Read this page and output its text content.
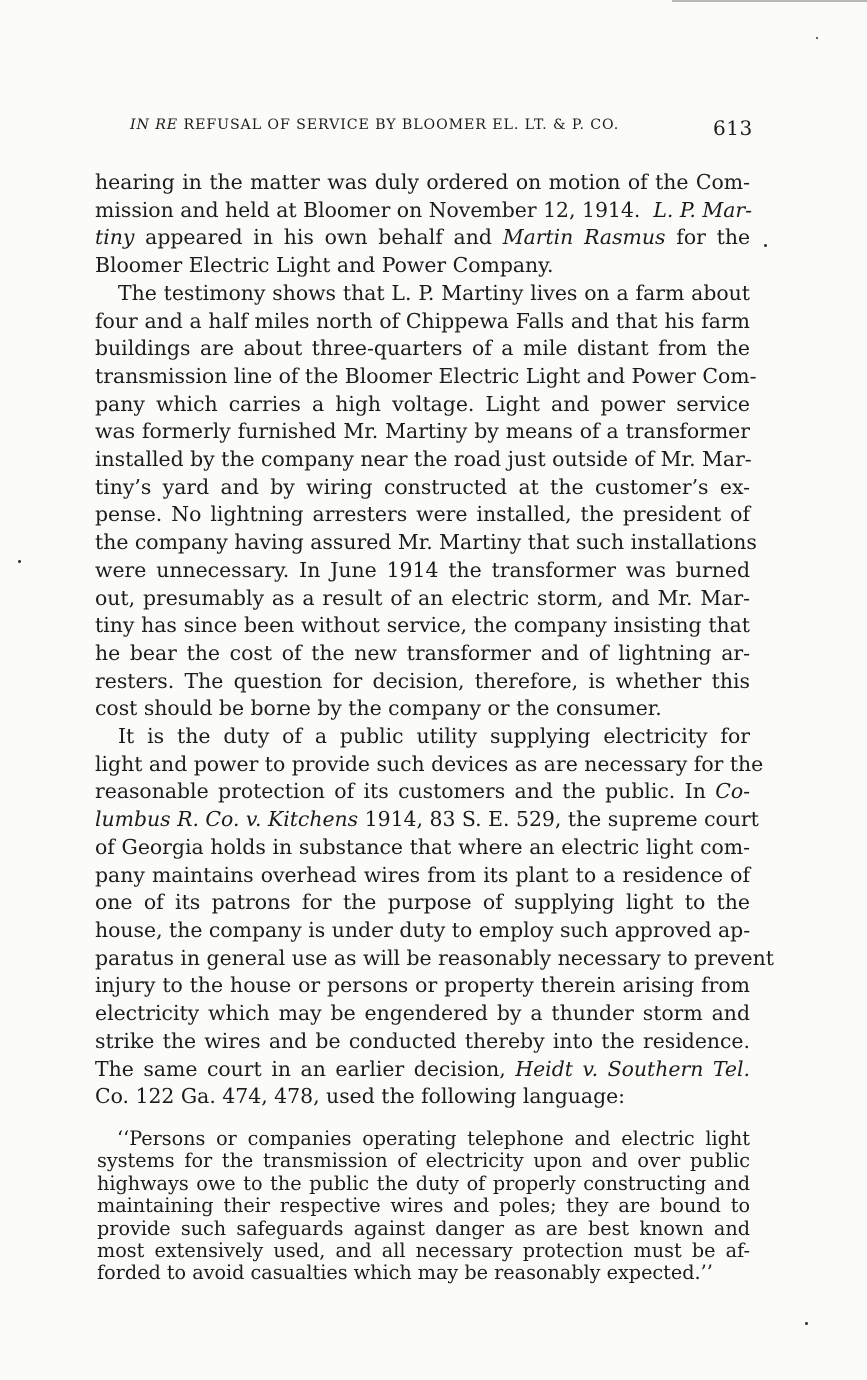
IN RE REFUSAL OF SERVICE BY BLOOMER EL. LT. & P. CO.	613

hearing in the matter was duly ordered on motion of the Com-
mission and held at Bloomer on November 12, 1914. L. P. Mar-
tiny appeared in his own behalf and Martin Rasmus for the
Bloomer Electric Light and Power Company.

The testimony shows that L. P. Martiny lives on a farm about
four and a half miles north of Chippewa Falls and that his farm
buildings are about three-quarters of a mile distant from the
transmission line of the Bloomer Electric Light and Power Com-
pany which carries a high voltage. Light and power service
was formerly furnished Mr. Martiny by means of a transformer
installed by the company near the road just outside of Mr. Mar-
tiny’s yard and by wiring constructed at the customer’s ex-
pense. No lightning arresters were installed, the president of
the company having assured Mr. Martiny that such installations
were unnecessary. In June 1914 the transformer was burned
out, presumably as a result of an electric storm, and Mr. Mar-
tiny has since been without service, the company insisting that
he bear the cost of the new transformer and of lightning ar-
resters. The question for decision, therefore, is whether this
cost should be borne by the company or the consumer.

It is the duty of a public utility supplying electricity for
light and power to provide such devices as are necessary for the
reasonable protection of its customers and the public. In Co-
lumbus R. Co. v. Kitchens 1914, 83 S. E. 529, the supreme court
of Georgia holds in substance that where an electric light com-
pany maintains overhead wires from its plant to a residence of
one of its patrons for the purpose of supplying light to the
house, the company is under duty to employ such approved ap-
paratus in general use as will be reasonably necessary to prevent
injury to the house or persons or property therein arising from
electricity which may be engendered by a thunder storm and
strike the wires and be conducted thereby into the residence.
The same court in an earlier decision, Heidt v. Southern Tel.
Co. 122 Ga. 474, 478, used the following language:

‘‘Persons or companies operating telephone and electric light
systems for the transmission of electricity upon and over public
highways owe to the public the duty of properly constructing and
maintaining their respective wires and poles; they are bound to
provide such safeguards against danger as are best known and
most extensively used, and all necessary protection must be af-
forded to avoid casualties which may be reasonably expected.’’
